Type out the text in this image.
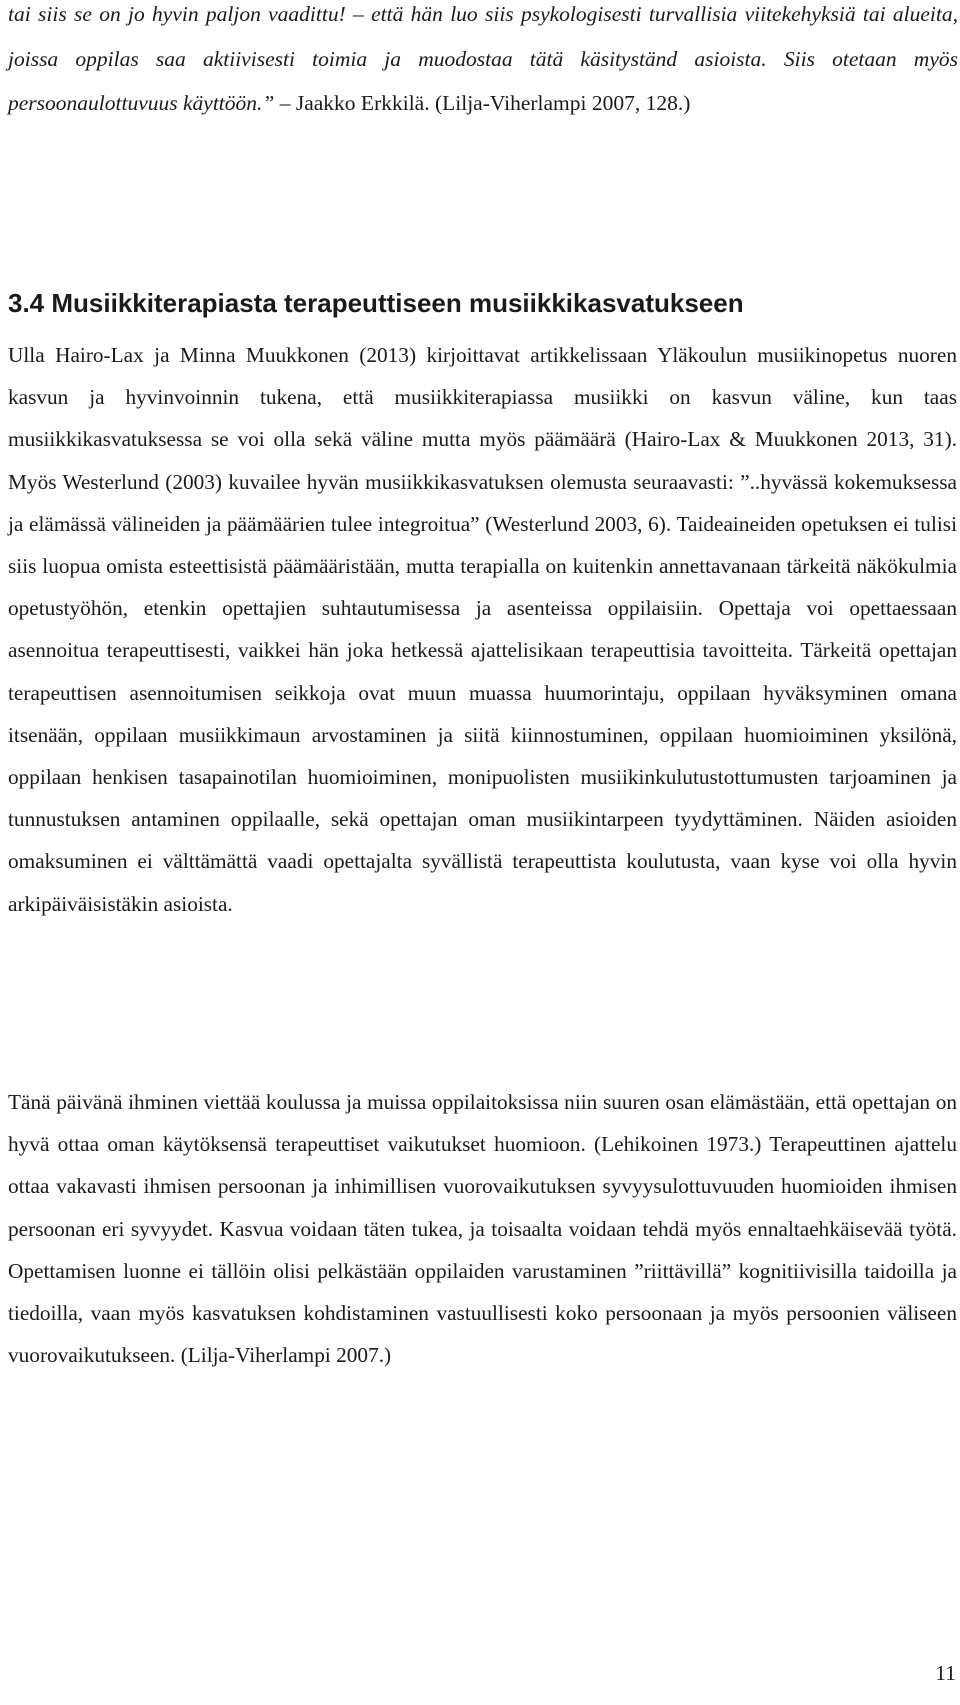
tai siis se on jo hyvin paljon vaadittu! – että hän luo siis psykologisesti turvallisia viitekehyksiä tai alueita, joissa oppilas saa aktiivisesti toimia ja muodostaa tätä käsityständ asioista. Siis otetaan myös persoonaulottuvuus käyttöön.” – Jaakko Erkkilä. (Lilja-Viherlampi 2007, 128.)

3.4 Musiikkiterapiasta terapeuttiseen musiikkikasvatukseen

Ulla Hairo-Lax ja Minna Muukkonen (2013) kirjoittavat artikkelissaan Yläkoulun musiikinopetus nuoren kasvun ja hyvinvoinnin tukena, että musiikkiterapiassa musiikki on kasvun väline, kun taas musiikkikasvatuksessa se voi olla sekä väline mutta myös päämäärä (Hairo-Lax & Muukkonen 2013, 31). Myös Westerlund (2003) kuvailee hyvän musiikkikasvatuksen olemusta seuraavasti: ”..hyvässä kokemuksessa ja elämässä välineiden ja päämäärien tulee integroitua” (Westerlund 2003, 6). Taideaineiden opetuksen ei tulisi siis luopua omista esteettisistä päämääristään, mutta terapialla on kuitenkin annettavanaan tärkeitä näkökulmia opetustyöhön, etenkin opettajien suhtautumisessa ja asenteissa oppilaisiin. Opettaja voi opettaessaan asennoitua terapeuttisesti, vaikkei hän joka hetkessä ajattelisikaan terapeuttisia tavoitteita. Tärkeitä opettajan terapeuttisen asennoitumisen seikkoja ovat muun muassa huumorintaju, oppilaan hyväksyminen omana itsenään, oppilaan musiikkimaun arvostaminen ja siitä kiinnostuminen, oppilaan huomioiminen yksilönä, oppilaan henkisen tasapainotilan huomioiminen, monipuolisten musiikinkulutustottumusten tarjoaminen ja tunnustuksen antaminen oppilaalle, sekä opettajan oman musiikintarpeen tyydyttäminen. Näiden asioiden omaksuminen ei välttämättä vaadi opettajalta syvällistä terapeuttista koulutusta, vaan kyse voi olla hyvin arkipäiväisistäkin asioista.

Tänä päivänä ihminen viettää koulussa ja muissa oppilaitoksissa niin suuren osan elämästään, että opettajan on hyvä ottaa oman käytöksensä terapeuttiset vaikutukset huomioon. (Lehikoinen 1973.) Terapeuttinen ajattelu ottaa vakavasti ihmisen persoonan ja inhimillisen vuorovaikutuksen syvyysulottuvuuden huomioiden ihmisen persoonan eri syvyydet. Kasvua voidaan täten tukea, ja toisaalta voidaan tehdä myös ennaltaehkäisevää työtä. Opettamisen luonne ei tällöin olisi pelkästään oppilaiden varustaminen ”riittävillä” kognitiivisilla taidoilla ja tiedoilla, vaan myös kasvatuksen kohdistaminen vastuullisesti koko persoonaan ja myös persoonien väliseen vuorovaikutukseen. (Lilja-Viherlampi 2007.)

11
